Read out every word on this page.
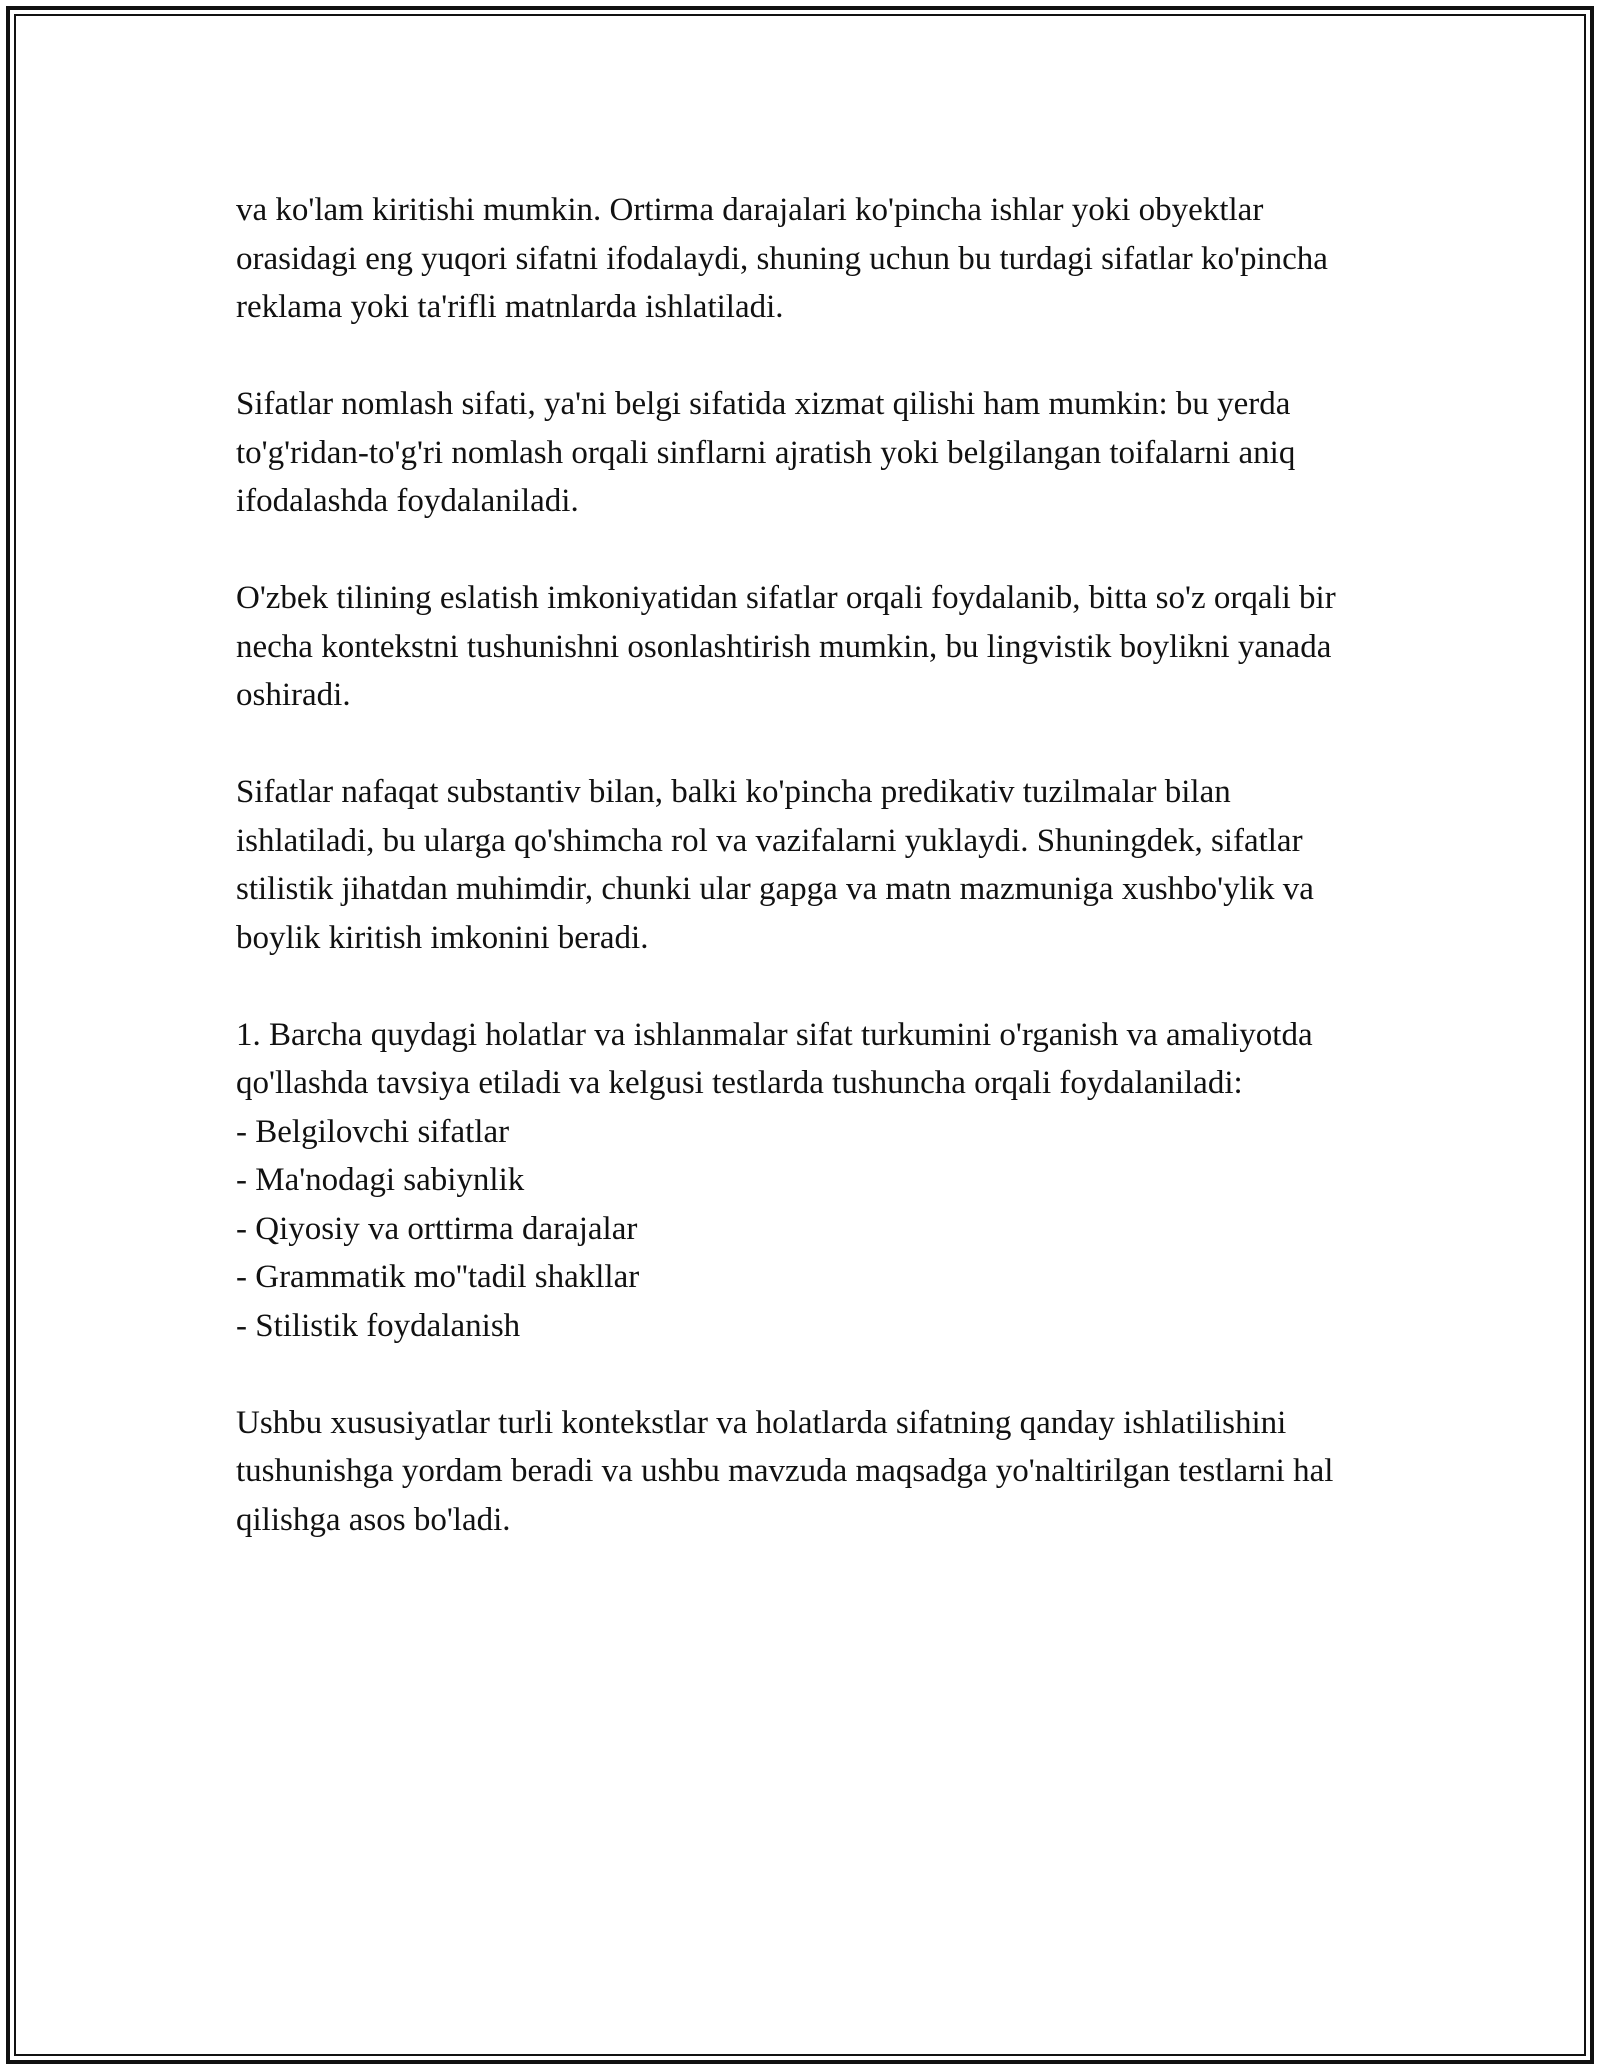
va ko'lam kiritishi mumkin. Ortirma darajalari ko'pincha ishlar yoki obyektlar orasidagi eng yuqori sifatni ifodalaydi, shuning uchun bu turdagi sifatlar ko'pincha reklama yoki ta'rifli matnlarda ishlatiladi.

Sifatlar nomlash sifati, ya'ni belgi sifatida xizmat qilishi ham mumkin: bu yerda to'g'ridan-to'g'ri nomlash orqali sinflarni ajratish yoki belgilangan toifalarni aniq ifodalashda foydalaniladi.

O'zbek tilining eslatish imkoniyatidan sifatlar orqali foydalanib, bitta so'z orqali bir necha kontekstni tushunishni osonlashtirish mumkin, bu lingvistik boylikni yanada oshiradi.

Sifatlar nafaqat substantiv bilan, balki ko'pincha predikativ tuzilmalar bilan ishlatiladi, bu ularga qo'shimcha rol va vazifalarni yuklaydi. Shuningdek, sifatlar stilistik jihatdan muhimdir, chunki ular gapga va matn mazmuniga xushbo'ylik va boylik kiritish imkonini beradi.

1. Barcha quydagi holatlar va ishlanmalar sifat turkumini o'rganish va amaliyotda qo'llashda tavsiya etiladi va kelgusi testlarda tushuncha orqali foydalaniladi:

- Belgilovchi sifatlar

- Ma'nodagi sabiynlik

- Qiyosiy va orttirma darajalar

- Grammatik mo''tadil shakllar

- Stilistik foydalanish

Ushbu xususiyatlar turli kontekstlar va holatlarda sifatning qanday ishlatilishini tushunishga yordam beradi va ushbu mavzuda maqsadga yo'naltirilgan testlarni hal qilishga asos bo'ladi.
